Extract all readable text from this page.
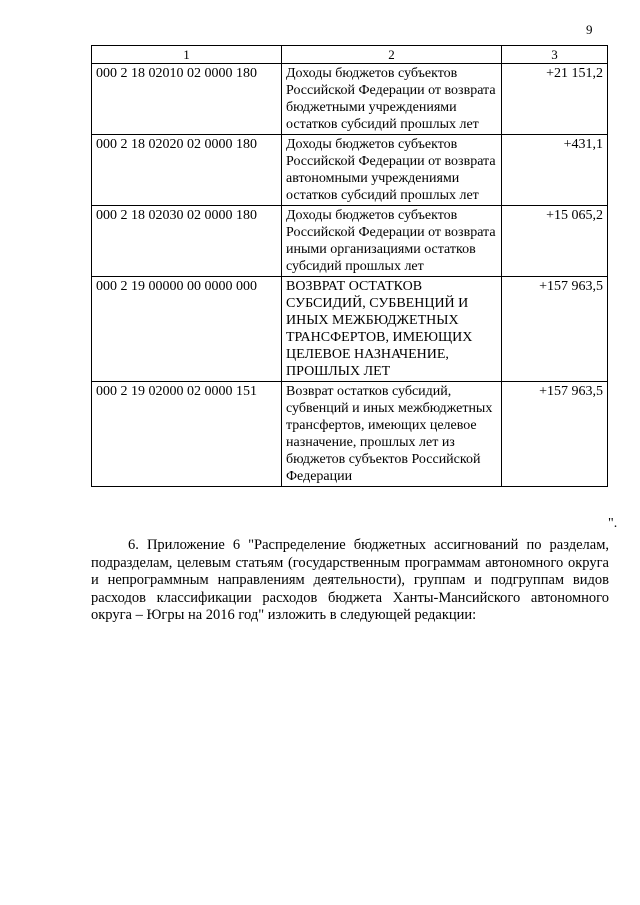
9
1	2	3
000 2 18 02010 02 0000 180	Доходы бюджетов субъектов Российской Федерации от возврата бюджетными учреждениями остатков субсидий прошлых лет	+21 151,2
000 2 18 02020 02 0000 180	Доходы бюджетов субъектов Российской Федерации от возврата автономными учреждениями остатков субсидий прошлых лет	+431,1
000 2 18 02030 02 0000 180	Доходы бюджетов субъектов Российской Федерации от возврата иными организациями остатков субсидий прошлых лет	+15 065,2
000 2 19 00000 00 0000 000	ВОЗВРАТ ОСТАТКОВ СУБСИДИЙ, СУБВЕНЦИЙ И ИНЫХ МЕЖБЮДЖЕТНЫХ ТРАНСФЕРТОВ, ИМЕЮЩИХ ЦЕЛЕВОЕ НАЗНАЧЕНИЕ, ПРОШЛЫХ ЛЕТ	+157 963,5
000 2 19 02000 02 0000 151	Возврат остатков субсидий, субвенций и иных межбюджетных трансфертов, имеющих целевое назначение, прошлых лет из бюджетов субъектов Российской Федерации	+157 963,5
".

6. Приложение 6 "Распределение бюджетных ассигнований по разделам, подразделам, целевым статьям (государственным программам автономного округа и непрограммным направлениям деятельности), группам и подгруппам видов расходов классификации расходов бюджета Ханты-Мансийского автономного округа – Югры на 2016 год" изложить в следующей редакции:
